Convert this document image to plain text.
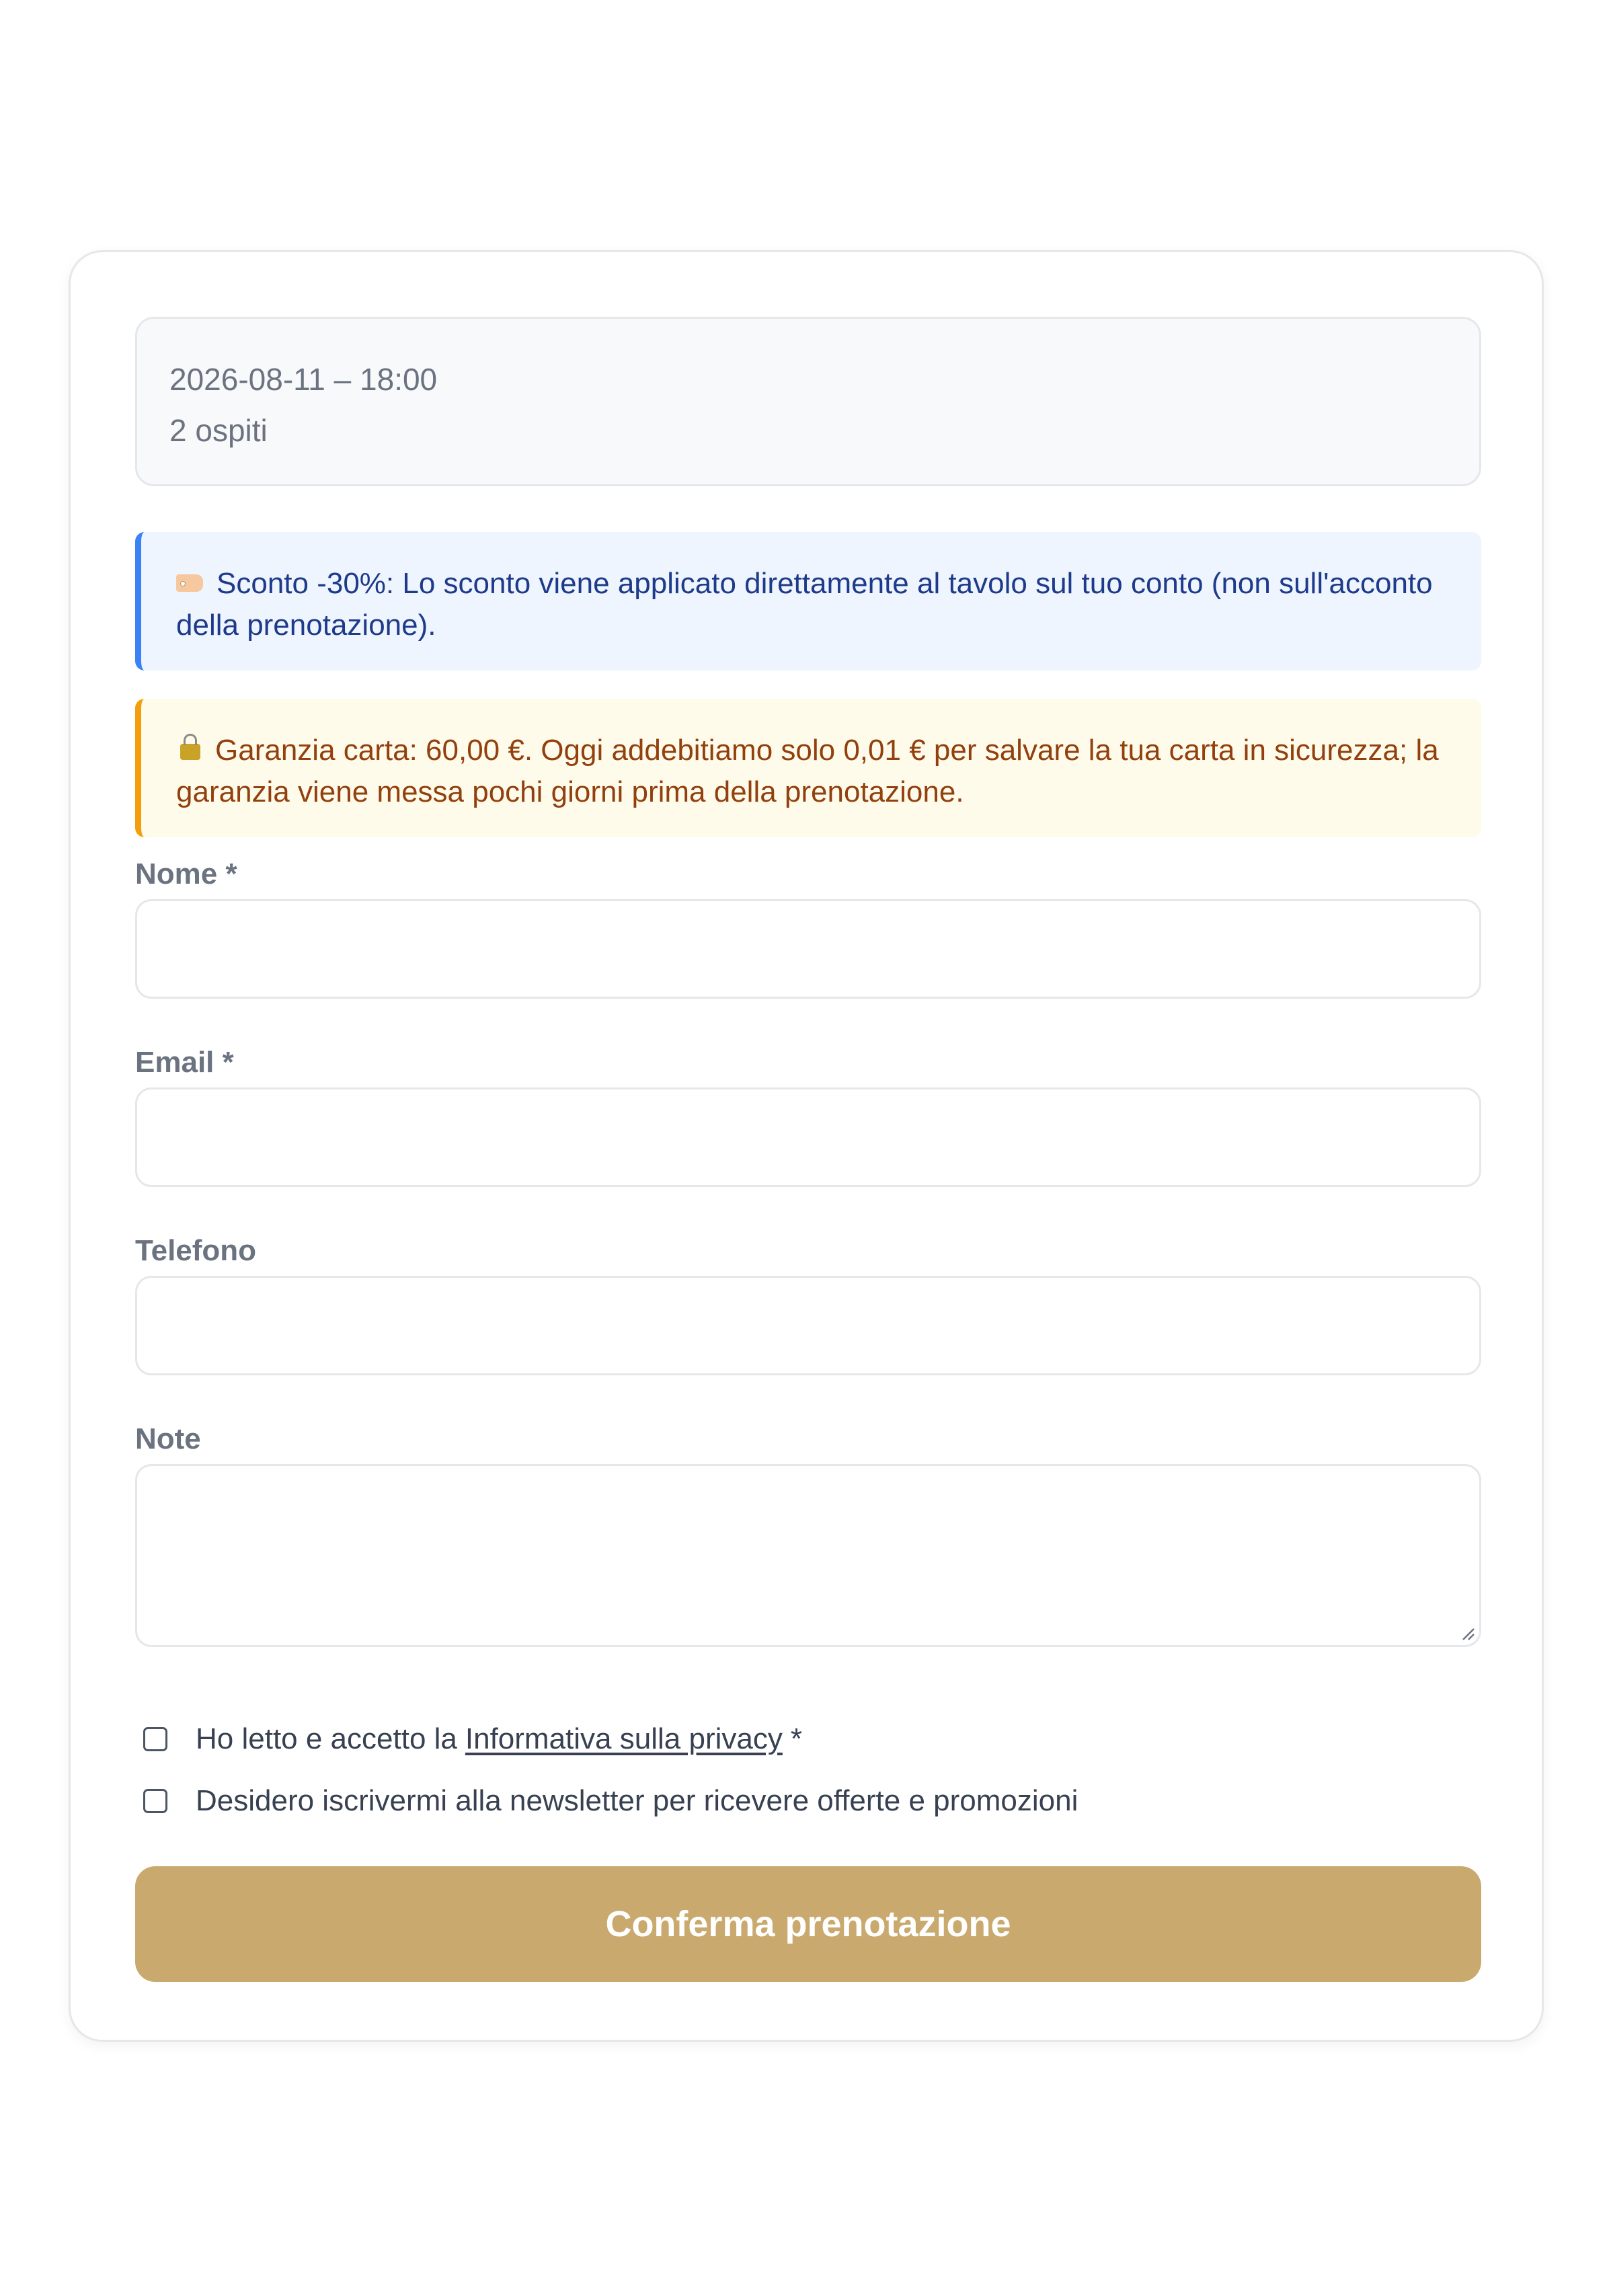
2026-08-11 – 18:00
2 ospiti
Sconto -30%: Lo sconto viene applicato direttamente al tavolo sul tuo conto (non sull'acconto della prenotazione).
Garanzia carta: 60,00 €. Oggi addebitiamo solo 0,01 € per salvare la tua carta in sicurezza; la garanzia viene messa pochi giorni prima della prenotazione.
Nome *
Email *
Telefono
Note
Ho letto e accetto la Informativa sulla privacy *
Desidero iscrivermi alla newsletter per ricevere offerte e promozioni
Conferma prenotazione
